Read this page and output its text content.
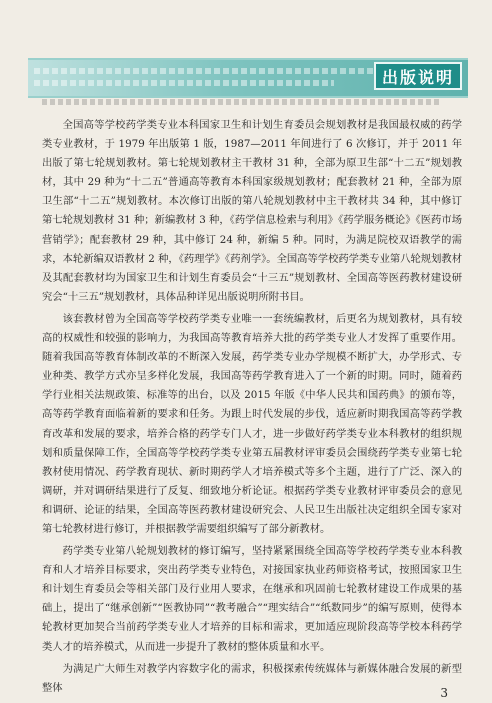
出版说明

全国高等学校药学类专业本科国家卫生和计划生育委员会规划教材是我国最权威的药学类专业教材，于 1979 年出版第 1 版，1987—2011 年间进行了 6 次修订，并于 2011 年出版了第七轮规划教材。第七轮规划教材主干教材 31 种，全部为原卫生部“十二五”规划教材，其中 29 种为“十二五”普通高等教育本科国家级规划教材；配套教材 21 种，全部为原卫生部“十二五”规划教材。本次修订出版的第八轮规划教材中主干教材共 34 种，其中修订第七轮规划教材 31 种；新编教材 3 种，《药学信息检索与利用》《药学服务概论》《医药市场营销学》；配套教材 29 种，其中修订 24 种，新编 5 种。同时，为满足院校双语教学的需求，本轮新编双语教材 2 种，《药理学》《药剂学》。全国高等学校药学类专业第八轮规划教材及其配套教材均为国家卫生和计划生育委员会“十三五”规划教材、全国高等医药教材建设研究会“十三五”规划教材，具体品种详见出版说明所附书目。

该套教材曾为全国高等学校药学类专业唯一一套统编教材，后更名为规划教材，具有较高的权威性和较强的影响力，为我国高等教育培养大批的药学类专业人才发挥了重要作用。随着我国高等教育体制改革的不断深入发展，药学类专业办学规模不断扩大，办学形式、专业种类、教学方式亦呈多样化发展，我国高等药学教育进入了一个新的时期。同时，随着药学行业相关法规政策、标准等的出台，以及 2015 年版《中华人民共和国药典》的颁布等，高等药学教育面临着新的要求和任务。为跟上时代发展的步伐，适应新时期我国高等药学教育改革和发展的要求，培养合格的药学专门人才，进一步做好药学类专业本科教材的组织规划和质量保障工作，全国高等学校药学类专业第五届教材评审委员会围绕药学类专业第七轮教材使用情况、药学教育现状、新时期药学人才培养模式等多个主题，进行了广泛、深入的调研，并对调研结果进行了反复、细致地分析论证。根据药学类专业教材评审委员会的意见和调研、论证的结果，全国高等医药教材建设研究会、人民卫生出版社决定组织全国专家对第七轮教材进行修订，并根据教学需要组织编写了部分新教材。

药学类专业第八轮规划教材的修订编写，坚持紧紧围绕全国高等学校药学类专业本科教育和人才培养目标要求，突出药学类专业特色，对接国家执业药师资格考试，按照国家卫生和计划生育委员会等相关部门及行业用人要求，在继承和巩固前七轮教材建设工作成果的基础上，提出了“继承创新”“医教协同”“教考融合”“理实结合”“纸数同步”的编写原则，使得本轮教材更加契合当前药学类专业人才培养的目标和需求，更加适应现阶段高等学校本科药学类人才的培养模式，从而进一步提升了教材的整体质量和水平。

为满足广大师生对教学内容数字化的需求，积极探索传统媒体与新媒体融合发展的新型整体	3
